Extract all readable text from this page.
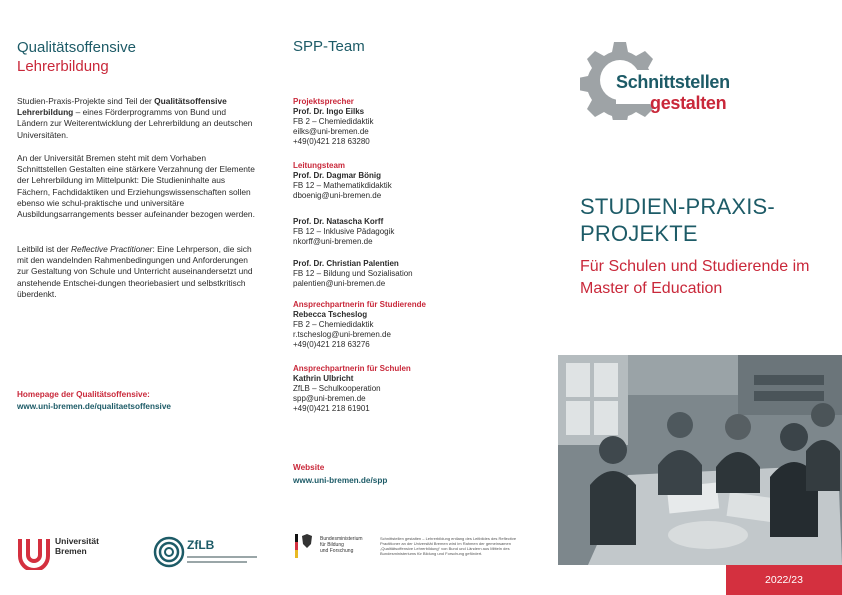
Qualitätsoffensive
Lehrerbildung

Studien-Praxis-Projekte sind Teil der Qualitätsoffensive Lehrerbildung – eines Förderprogramms von Bund und Ländern zur Weiterentwicklung der Lehrerbildung an deutschen Universitäten.

An der Universität Bremen steht mit dem Vorhaben Schnittstellen Gestalten eine stärkere Verzahnung der Elemente der Lehrerbildung im Mittelpunkt: Die Studieninhalte aus Fächern, Fachdidaktiken und Erziehungswissenschaften sollen ebenso wie schul-praktische und universitäre Ausbildungsarrangements besser aufeinander bezogen werden.

Leitbild ist der Reflective Practitioner: Eine Lehrperson, die sich mit den wandelnden Rahmenbedingungen und Anforderungen zur Gestaltung von Schule und Unterricht auseinandersetzt und anstehende Entschei-dungen theoriebasiert und selbstkritisch überdenkt.

Homepage der Qualitätsoffensive:
www.uni-bremen.de/qualitaetsoffensive
Universität
Bremen	ZfLB
SPP-Team
Projektsprecher
Prof. Dr. Ingo Eilks
FB 2 – Chemiedidaktik
eilks@uni-bremen.de
+49(0)421 218 63280
Leitungsteam
Prof. Dr. Dagmar Bönig
FB 12 – Mathematikdidaktik
dboenig@uni-bremen.de
Prof. Dr. Natascha Korff
FB 12 – Inklusive Pädagogik
nkorff@uni-bremen.de
Prof. Dr. Christian Palentien
FB 12 – Bildung und Sozialisation
palentien@uni-bremen.de
Ansprechpartnerin für Studierende
Rebecca Tscheslog
FB 2 – Chemiedidaktik
r.tscheslog@uni-bremen.de
+49(0)421 218 63276
Ansprechpartnerin für Schulen
Kathrin Ulbricht
ZfLB – Schulkooperation
spp@uni-bremen.de
+49(0)421 218 61901
Website
www.uni-bremen.de/spp
Bundesministerium
für Bildung
und Forschung
Schnittstellen gestalten – Lehrerbildung entlang des Leitbildes des Reflective Practitioner an der Universität Bremen wird im Rahmen der gemeinsamen „Qualitätsoffensive Lehrerbildung“ von Bund und Ländern aus Mitteln des Bundesministeriums für Bildung und Forschung gefördert.
Schnittstellen
gestalten
STUDIEN-PRAXIS-
PROJEKTE
Für Schulen und Studierende im Master of Education
2022/23
